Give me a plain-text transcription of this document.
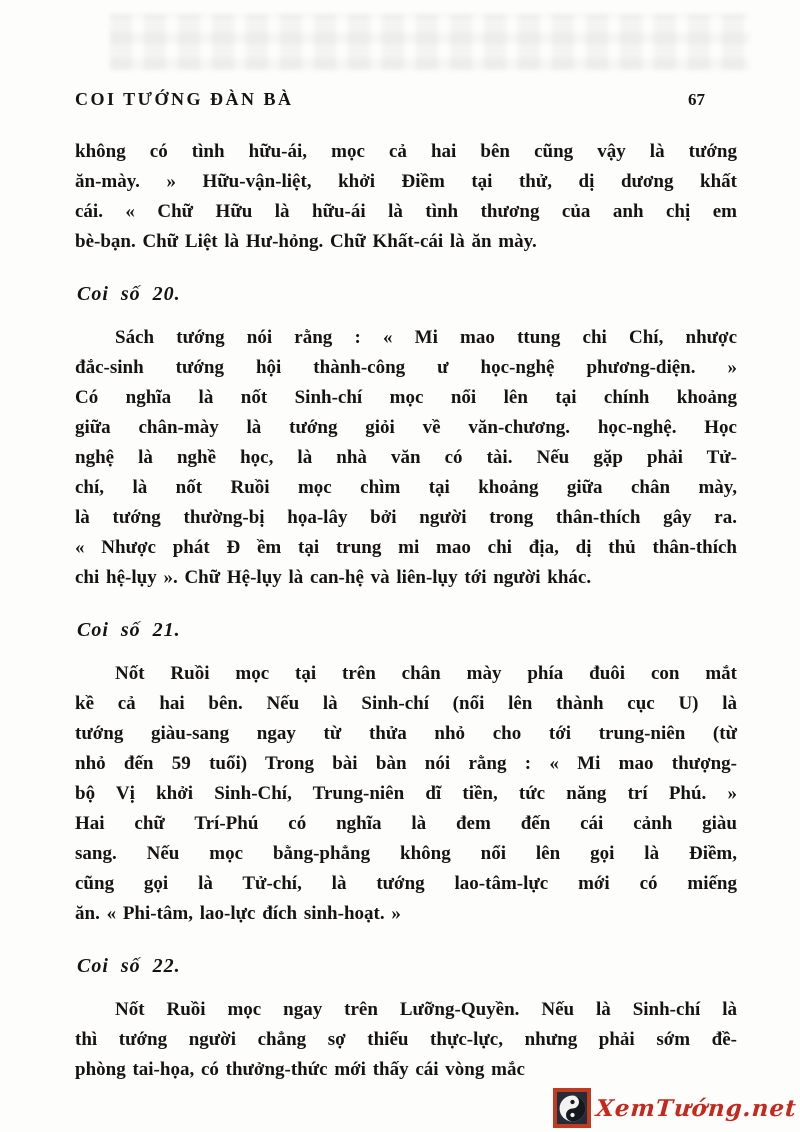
COI TƯỚNG ĐÀN BÀ	67
không có tình hữu-ái, mọc cả hai bên cũng vậy là tướng
ăn-mày. » Hữu-vận-liệt, khởi Điềm tại thử, dị dương khất
cái. « Chữ Hữu là hữu-ái là tình thương của anh chị em
bè-bạn. Chữ Liệt là Hư-hỏng. Chữ Khất-cái là ăn mày.
Coi số 20.
Sách tướng nói rằng : « Mi mao ttung chi Chí, nhược
đắc-sinh tướng hội thành-công ư học-nghệ phương-diện. »
Có nghĩa là nốt Sinh-chí mọc nổi lên tại chính khoảng
giữa chân-mày là tướng giỏi về văn-chương. học-nghệ. Học
nghệ là nghề học, là nhà văn có tài. Nếu gặp phải Tử-
chí, là nốt Ruồi mọc chìm tại khoảng giữa chân mày,
là tướng thường-bị họa-lây bởi người trong thân-thích gây ra.
« Nhược phát Đ ềm tại trung mi mao chi địa, dị thủ thân-thích
chi hệ-lụy ». Chữ Hệ-lụy là can-hệ và liên-lụy tới người khác.
Coi số 21.
Nốt Ruồi mọc tại trên chân mày phía đuôi con mắt
kề cả hai bên. Nếu là Sinh-chí (nổi lên thành cục U) là
tướng giàu-sang ngay từ thửa nhỏ cho tới trung-niên (từ
nhỏ đến 59 tuổi) Trong bài bàn nói rằng : « Mi mao thượng-
bộ Vị khởi Sinh-Chí, Trung-niên dĩ tiền, tức năng trí Phú. »
Hai chữ Trí-Phú có nghĩa là đem đến cái cảnh giàu
sang. Nếu mọc bằng-phẳng không nổi lên gọi là Điềm,
cũng gọi là Tử-chí, là tướng lao-tâm-lực mới có miếng
ăn. « Phi-tâm, lao-lực đích sinh-hoạt. »
Coi số 22.
Nốt Ruồi mọc ngay trên Lưỡng-Quyền. Nếu là Sinh-chí là
thì tướng người chẳng sợ thiếu thực-lực, nhưng phải sớm đề-
phòng tai-họa, có thưởng-thức mới thấy cái vòng mắc
XemTướng.net
